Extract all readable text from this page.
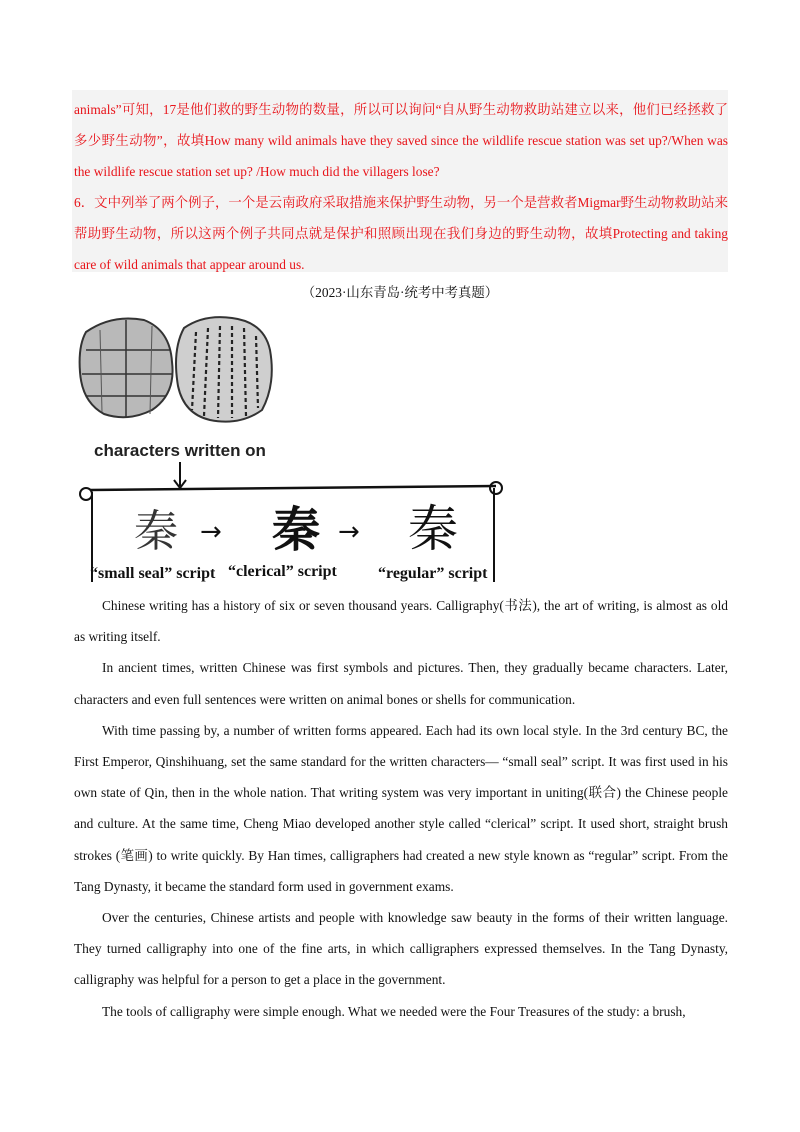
animals”可知，17是他们救的野生动物的数量，所以可以询问“自从野生动物救助站建立以来，他们已经拯救了多少野生动物”，故填How many wild animals have they saved since the wildlife rescue station was set up?/When was the wildlife rescue station set up? /How much did the villagers lose?

6．文中列举了两个例子，一个是云南政府采取措施来保护野生动物，另一个是营救者Migmar野生动物救助站来帮助野生动物，所以这两个例子共同点就是保护和照顾出现在我们身边的野生动物，故填Protecting and taking care of wild animals that appear around us.

（2023·山东青岛·统考中考真题）

characters written on
秦 → 秦 → 秦
“small seal” script “clerical” script	“regular” script

Chinese writing has a history of six or seven thousand years. Calligraphy(书法), the art of writing, is almost as old as writing itself.

In ancient times, written Chinese was first symbols and pictures. Then, they gradually became characters. Later, characters and even full sentences were written on animal bones or shells for communication.

With time passing by, a number of written forms appeared. Each had its own local style. In the 3rd century BC, the First Emperor, Qinshihuang, set the same standard for the written characters— “small seal” script. It was first used in his own state of Qin, then in the whole nation. That writing system was very important in uniting(联合) the Chinese people and culture. At the same time, Cheng Miao developed another style called “clerical” script. It used short, straight brush strokes (笔画) to write quickly. By Han times, calligraphers had created a new style known as “regular” script. From the Tang Dynasty, it became the standard form used in government exams.

Over the centuries, Chinese artists and people with knowledge saw beauty in the forms of their written language. They turned calligraphy into one of the fine arts, in which calligraphers expressed themselves. In the Tang Dynasty, calligraphy was helpful for a person to get a place in the government.

The tools of calligraphy were simple enough. What we needed were the Four Treasures of the study: a brush,
